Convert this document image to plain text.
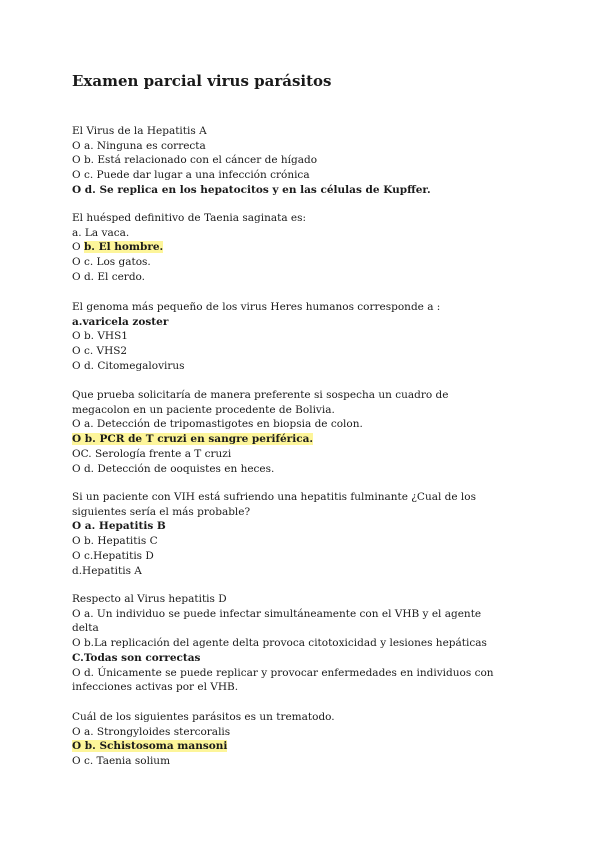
Examen parcial virus parásitos

El Virus de la Hepatitis A

O a. Ninguna es correcta

O b. Está relacionado con el cáncer de hígado

O c. Puede dar lugar a una infección crónica

O d. Se replica en los hepatocitos y en las células de Kupffer.

El huésped definitivo de Taenia saginata es:

a. La vaca.

O b. El hombre.

O c. Los gatos.

O d. El cerdo.

El genoma más pequeño de los virus Heres humanos corresponde a :

a.varicela zoster

O b. VHS1

O c. VHS2

O d. Citomegalovirus

Que prueba solicitaría de manera preferente si sospecha un cuadro de megacolon en un paciente procedente de Bolivia.

O a. Detección de tripomastigotes en biopsia de colon.

O b. PCR de T cruzi en sangre periférica.

OC. Serología frente a T cruzi

O d. Detección de ooquistes en heces.

Si un paciente con VIH está sufriendo una hepatitis fulminante ¿Cual de los siguientes sería el más probable?

O a. Hepatitis B

O b. Hepatitis C

O c.Hepatitis D

d.Hepatitis A

Respecto al Virus hepatitis D

O a. Un individuo se puede infectar simultáneamente con el VHB y el agente delta

O b.La replicación del agente delta provoca citotoxicidad y lesiones hepáticas

C.Todas son correctas

O d. Únicamente se puede replicar y provocar enfermedades en individuos con infecciones activas por el VHB.

Cuál de los siguientes parásitos es un trematodo.

O a. Strongyloides stercoralis

O b. Schistosoma mansoni

O c. Taenia solium
